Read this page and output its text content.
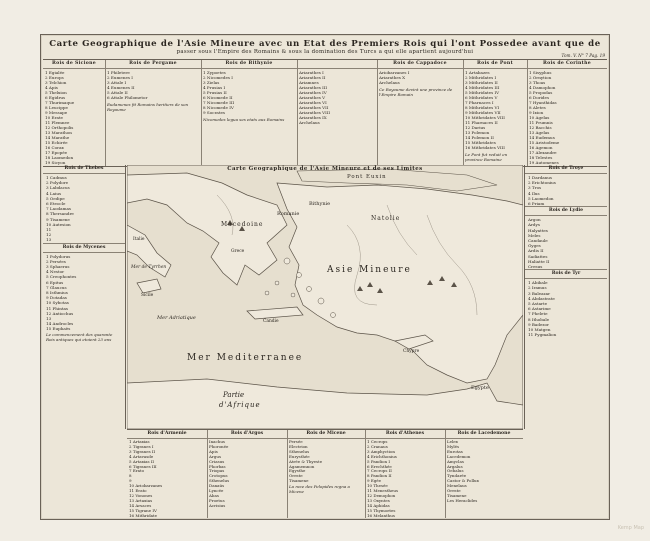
Carte Geographique de l'Asie Mineure avec un Etat des Premiers Rois qui l'ont Possedee avant que de
passer sous l'Empire des Romains & sous la domination des Turcs a qui elle apartient aujourd'hui
Tom. V. N° 7 Pag. 19
Rois de Sicione
1 Egialée
2 Europs
3 Telchion
4 Apis
5 Thelxion
6 Egidrus
7 Thurimaque
8 Leucippe
9 Messape
10 Erate
11 Plemnee
12 Orthopolis
13 Marathon
14 Marathe
15 Echirée
16 Corax
17 Epopée
18 Laomedon
19 Sicyon
Rois de Pergame
1 Philetere
2 Eumenes I
3 Attale I
4 Eumenes II
5 Attale II
6 Attale Philometor
Eudamenes fit Romains heritiers de son Royaume
Rois de Bithynie
1 Zypoetes
2 Nicomedes I
3 Zielas
4 Prusias I
5 Prusias II
6 Nicomede II
7 Nicomede III
8 Nicomede IV
9 Socrates
Nicomedes legua ses etats aux Romains

Ariarathes I
Ariarathes II
Ariamnes
Ariarathes III
Ariarathes IV
Ariarathes V
Ariarathes VI
Ariarathes VII
Ariarathes VIII
Ariarathes IX
Archelaus
Rois de Cappadoce
Ariobarzanes I
Ariarathes X
Archelaus
Ce Royaume devint une province de l'Empire Romain
Rois de Pont
1 Artabazes
2 Mithridates I
3 Mithridates II
4 Mithridates III
5 Mithridates IV
6 Mithridates V
7 Pharnaces I
8 Mithridates VI
9 Mithridates VII
10 Mithridates VIII
11 Pharnaces II
12 Darius
13 Polemon
14 Polemon II
15 Mithridates
16 Mithridates VIII
Le Pont fut reduit en province Romaine
Rois de Corinthe
1 Sisyphus
2 Ornytion
3 Thoas
4 Damophon
5 Propodas
6 Dorides
7 Hyanthidas
8 Aletes
9 Ixion
10 Agelas
11 Prumnis
12 Bacchis
13 Agelas
14 Eudemus
15 Aristodeme
16 Agemon
17 Alexandre
18 Telestes
19 Automenes
Rois de Thebes
1 Cadmus
2 Polydore
3 Labdacus
4 Laius
5 Oedipe
6 Eteocle
7 Laodamas
8 Thersandre
9 Tisamene
10 Autesion
11
12
13
Rois de Mycenes
1 Polydorus
2 Persées
3 Sphaerus
4 Nestor
5 Creophontes
6 Epitus
7 Glaucus
8 Isthmius
9 Dotadas
10 Sybotas
11 Phintas
12 Antiochus
13
14 Androcles
15 Euphaès
Le commencement des quarante Rois antiques qui etoient 23 ans
Rois de Troye
1 Dardanus
2 Erichtonius
3 Tros
4 Ilus
5 Laomedon
6 Priam
Rois de Lydie
Argon
Ardys
Halyattes
Meles
Candaule
Gyges
Ardis II
Sadiattes
Haliatte II
Cresus
Rois de Tyr
1 Abibale
2 Iramus
3 Baleazar
4 Abdastrate
5 Astarte
6 Astarime
7 Phelete
8 Ithobale
9 Badezor
10 Matgen
11 Pygmalion
Carte Geographique de l'Asie Mineure et de ses Limites
Pont Euxin
Asie Mineure
Mer Mediterranee
Partie
d'Afrique
Macedoine
Mer Adriatique
Egypte
Bithynie
Romanie
Natolie
Mer de Tyrrhen
Sicile
Candie
Chypre
Italie
Grece
Rois d'Armenie
1 Artaxias
2 Tigranes I
3 Tigranes II
4 Artavasde
5 Artaxias II
6 Tigranes III
7 Erato
8
9
10 Ariobarzanes
11 Erato
12 Vonones
13 Artaxias
14 Arsaces
15 Tigrane IV
16 Mithridate
Rois d'Argos
Inachus
Phoronée
Apis
Argus
Criasus
Phorbas
Triopas
Crotopus
Sthenelus
Danaüs
Lyncée
Abas
Proetus
Acrisius
Rois de Micene
Persée
Electrion
Sthenelus
Eurysthée
Atrée & Thyeste
Agamemnon
Egysthe
Oreste
Tisamene
La race des Pelopides regna a Micene
Rois d'Athenes
1 Cecrops
2 Cranaus
3 Amphyction
4 Erichthonius
5 Pandion I
6 Erechthée
7 Cecrops II
8 Pandion II
9 Egée
10 Thesée
11 Menestheus
12 Demophon
13 Oxyntes
14 Aphidas
15 Thymoetes
16 Melanthus
Rois de Lacedemone
Lelex
Mylés
Eurotas
Lacedemon
Amyclas
Argalus
Oebalus
Tyndarée
Castor & Pollux
Menelaus
Oreste
Tisamene
Les Heraclides
Kemp Map
